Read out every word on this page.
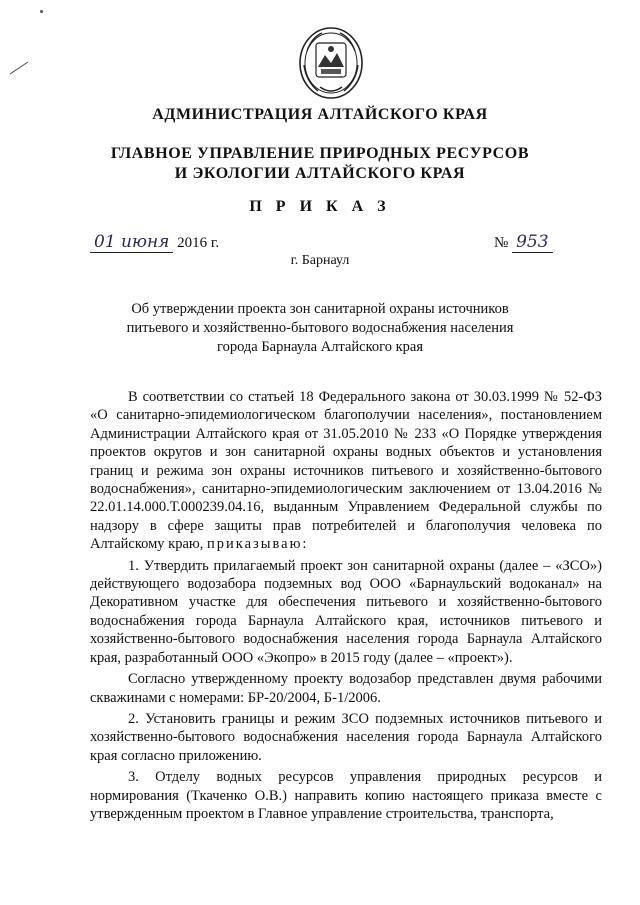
АДМИНИСТРАЦИЯ АЛТАЙСКОГО КРАЯ
ГЛАВНОЕ УПРАВЛЕНИЕ ПРИРОДНЫХ РЕСУРСОВ
И ЭКОЛОГИИ АЛТАЙСКОГО КРАЯ
П Р И К А З
01 июня 2016 г.	№ 953
г. Барнаул
Об утверждении проекта зон санитарной охраны источников
питьевого и хозяйственно-бытового водоснабжения населения
города Барнаула Алтайского края

В соответствии со статьей 18 Федерального закона от 30.03.1999 № 52-ФЗ «О санитарно-эпидемиологическом благополучии населения», постановлением Администрации Алтайского края от 31.05.2010 № 233 «О Порядке утверждения проектов округов и зон санитарной охраны водных объектов и установления границ и режима зон охраны источников питьевого и хозяйственно-бытового водоснабжения», санитарно-эпидемиологическим заключением от 13.04.2016 № 22.01.14.000.Т.000239.04.16, выданным Управлением Федеральной службы по надзору в сфере защиты прав потребителей и благополучия человека по Алтайскому краю, приказываю:

1. Утвердить прилагаемый проект зон санитарной охраны (далее – «ЗСО») действующего водозабора подземных вод ООО «Барнаульский водоканал» на Декоративном участке для обеспечения питьевого и хозяйственно-бытового водоснабжения города Барнаула Алтайского края, источников питьевого и хозяйственно-бытового водоснабжения населения города Барнаула Алтайского края, разработанный ООО «Экопро» в 2015 году (далее – «проект»).

Согласно утвержденному проекту водозабор представлен двумя рабочими скважинами с номерами: БР-20/2004, Б-1/2006.

2. Установить границы и режим ЗСО подземных источников питьевого и хозяйственно-бытового водоснабжения населения города Барнаула Алтайского края согласно приложению.

3. Отделу водных ресурсов управления природных ресурсов и нормирования (Ткаченко О.В.) направить копию настоящего приказа вместе с утвержденным проектом в Главное управление строительства, транспорта,
